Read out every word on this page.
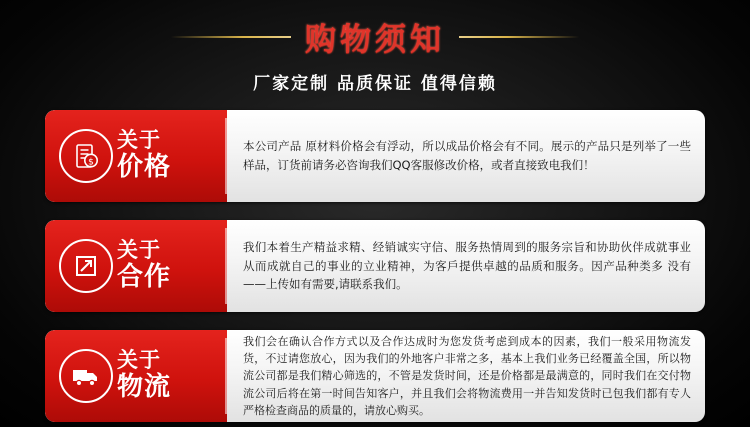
购物须知
厂家定制 品质保证 值得信赖
$
关于
价格
本公司产品 原材料价格会有浮动，所以成品价格会有不同。展示的产品只是列举了一些样品，订货前请务必咨询我们QQ客服修改价格，或者直接致电我们！
关于
合作
我们本着生产精益求精、经销诚实守信、服务热情周到的服务宗旨和协助伙伴成就事业从而成就自己的事业的立业精神，为客戶提供卓越的品质和服务。因产品种类多 没有——上传如有需要,请联系我们。
关于
物流
我们会在确认合作方式以及合作达成时为您发货考虑到成本的因素，我们一般采用物流发货，不过请您放心，因为我们的外地客户非常之多，基本上我们业务已经覆盖全国，所以物流公司都是我们精心筛选的，不管是发货时间，还是价格都是最满意的，同时我们在交付物流公司后将在第一时间告知客户，并且我们会将物流费用一并告知发货时已包我们都有专人严格检查商品的质量的，请放心购买。
